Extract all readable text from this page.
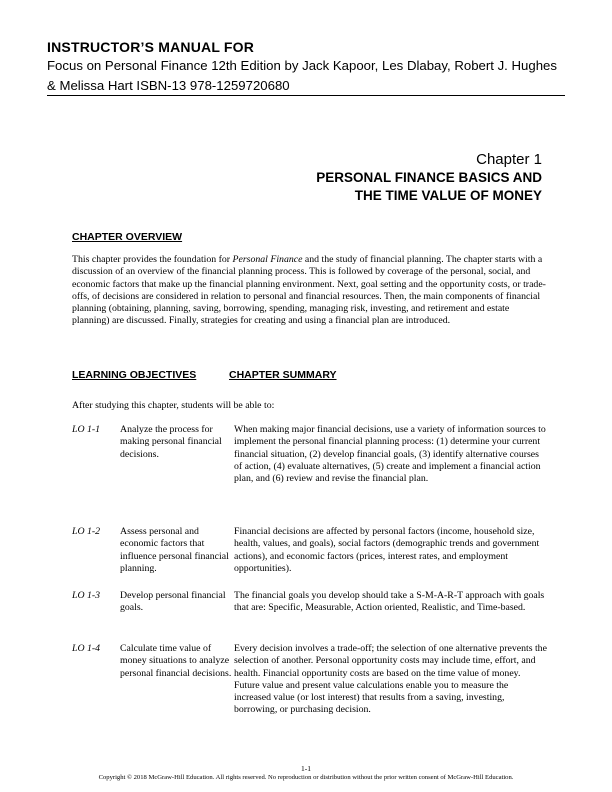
INSTRUCTOR’S MANUAL FOR
Focus on Personal Finance 12th Edition by Jack Kapoor, Les Dlabay, Robert J. Hughes
& Melissa Hart ISBN-13 978-1259720680
Chapter 1
PERSONAL FINANCE BASICS AND
THE TIME VALUE OF MONEY
CHAPTER OVERVIEW
This chapter provides the foundation for Personal Finance and the study of financial planning. The chapter starts with a discussion of an overview of the financial planning process. This is followed by coverage of the personal, social, and economic factors that make up the financial planning environment. Next, goal setting and the opportunity costs, or trade-offs, of decisions are considered in relation to personal and financial resources. Then, the main components of financial planning (obtaining, planning, saving, borrowing, spending, managing risk, investing, and retirement and estate planning) are discussed. Finally, strategies for creating and using a financial plan are introduced.
LEARNING OBJECTIVES	CHAPTER SUMMARY
After studying this chapter, students will be able to:
LO 1-1	Analyze the process for making personal financial decisions.
When making major financial decisions, use a variety of information sources to implement the personal financial planning process: (1) determine your current financial situation, (2) develop financial goals, (3) identify alternative courses of action, (4) evaluate alternatives, (5) create and implement a financial action plan, and (6) review and revise the financial plan.
LO 1-2	Assess personal and economic factors that influence personal financial planning.
Financial decisions are affected by personal factors (income, household size, health, values, and goals), social factors (demographic trends and government actions), and economic factors (prices, interest rates, and employment opportunities).
LO 1-3	Develop personal financial goals.
The financial goals you develop should take a S-M-A-R-T approach with goals that are: Specific, Measurable, Action oriented, Realistic, and Time-based.
LO 1-4	Calculate time value of money situations to analyze personal financial decisions.
Every decision involves a trade-off; the selection of one alternative prevents the selection of another. Personal opportunity costs may include time, effort, and health. Financial opportunity costs are based on the time value of money. Future value and present value calculations enable you to measure the increased value (or lost interest) that results from a saving, investing, borrowing, or purchasing decision.
1-1
Copyright © 2018 McGraw-Hill Education. All rights reserved. No reproduction or distribution without the prior written consent of McGraw-Hill Education.
